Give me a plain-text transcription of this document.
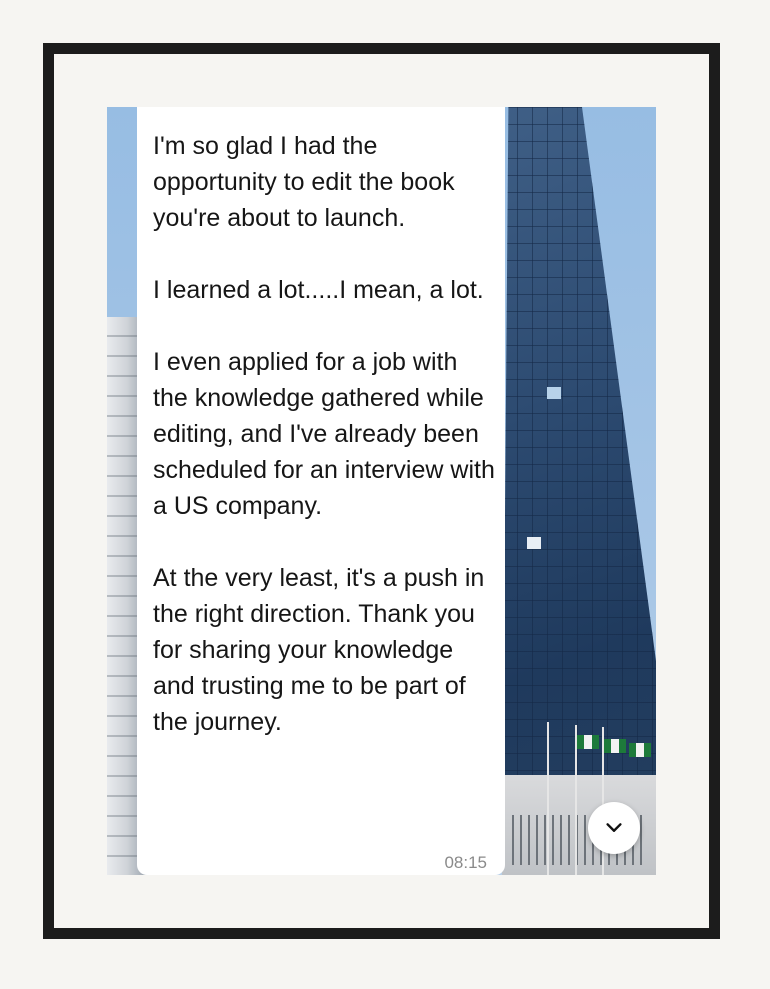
I'm so glad I had the opportunity to edit the book you're about to launch.

I learned a lot.....I mean, a lot.

I even applied for a job with the knowledge gathered while editing, and I've already been scheduled for an interview with a US company.

At the very least, it's a push in the right direction. Thank you for sharing your knowledge and trusting me to be part of the journey.

08:15
